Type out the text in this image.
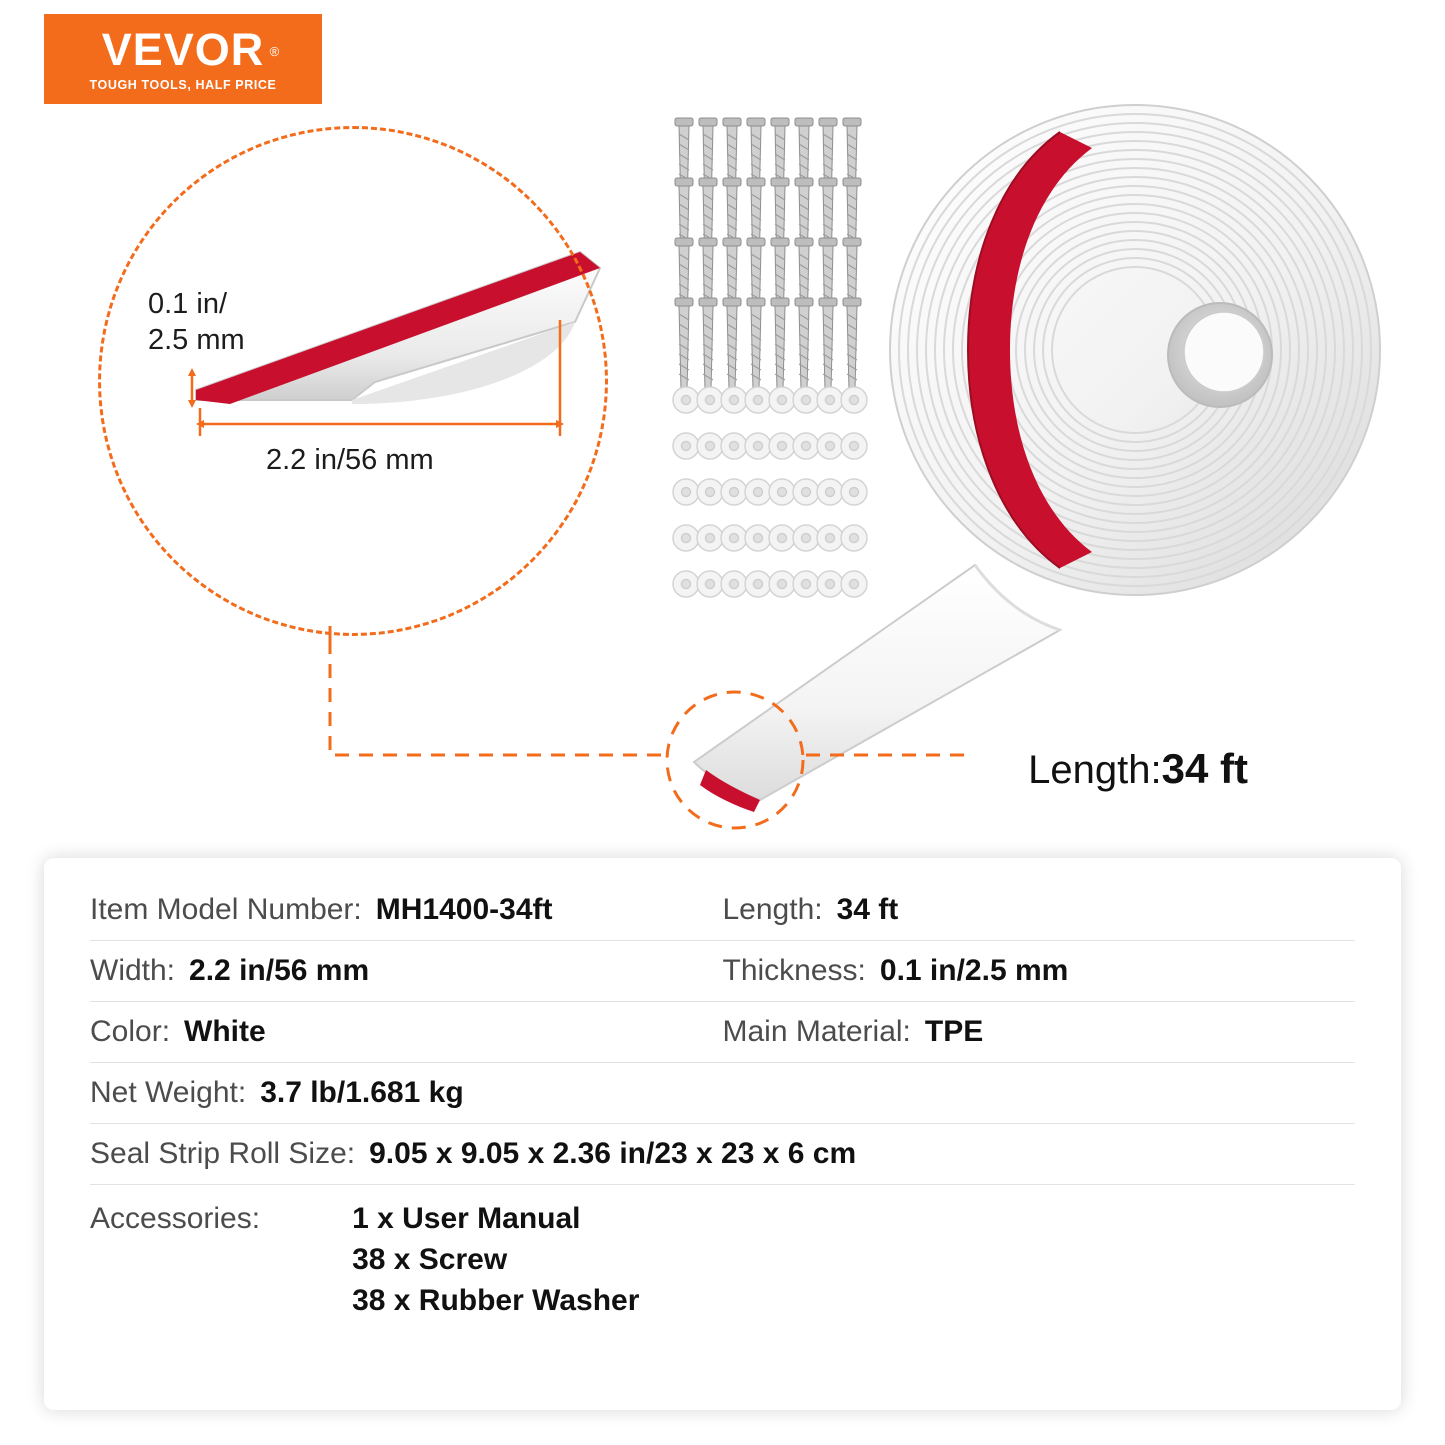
VEVOR ®
TOUGH TOOLS, HALF PRICE
0.1 in/
2.5 mm
2.2 in/56 mm
Length:34 ft
Item Model Number: MH1400-34ft	Length: 34 ft
Width: 2.2 in/56 mm	Thickness: 0.1 in/2.5 mm
Color: White	Main Material: TPE
Net Weight: 3.7 lb/1.681 kg
Seal Strip Roll Size: 9.05 x 9.05 x 2.36 in/23 x 23 x 6 cm
Accessories:	1 x User Manual
38 x Screw
38 x Rubber Washer
